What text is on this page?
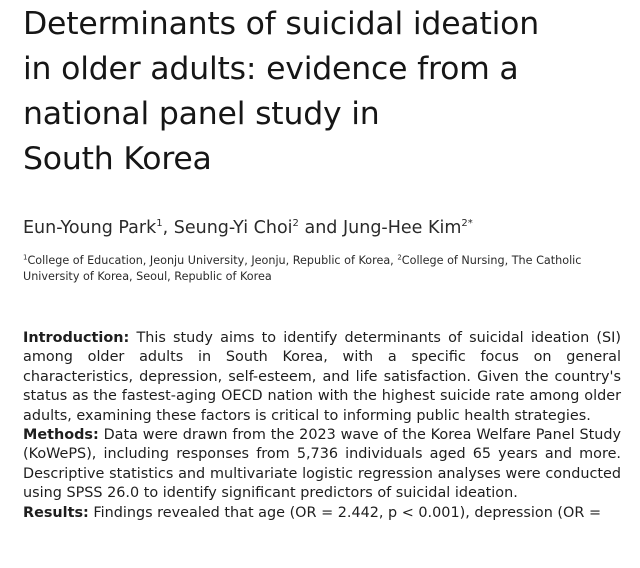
Determinants of suicidal ideation
in older adults: evidence from a
national panel study in
South Korea
Eun-Young Park$^1$, Seung-Yi Choi$^2$ and Jung-Hee Kim$^{2*}$
$^1$College of Education, Jeonju University, Jeonju, Republic of Korea, $^2$College of Nursing, The Catholic University of Korea, Seoul, Republic of Korea

Introduction: This study aims to identify determinants of suicidal ideation (SI) among older adults in South Korea, with a specific focus on general characteristics, depression, self-esteem, and life satisfaction. Given the country's status as the fastest-aging OECD nation with the highest suicide rate among older adults, examining these factors is critical to informing public health strategies.

Methods: Data were drawn from the 2023 wave of the Korea Welfare Panel Study (KoWePS), including responses from 5,736 individuals aged 65 years and more. Descriptive statistics and multivariate logistic regression analyses were conducted using SPSS 26.0 to identify significant predictors of suicidal ideation.

Results: Findings revealed that age (OR = 2.442, p < 0.001), depression (OR =
